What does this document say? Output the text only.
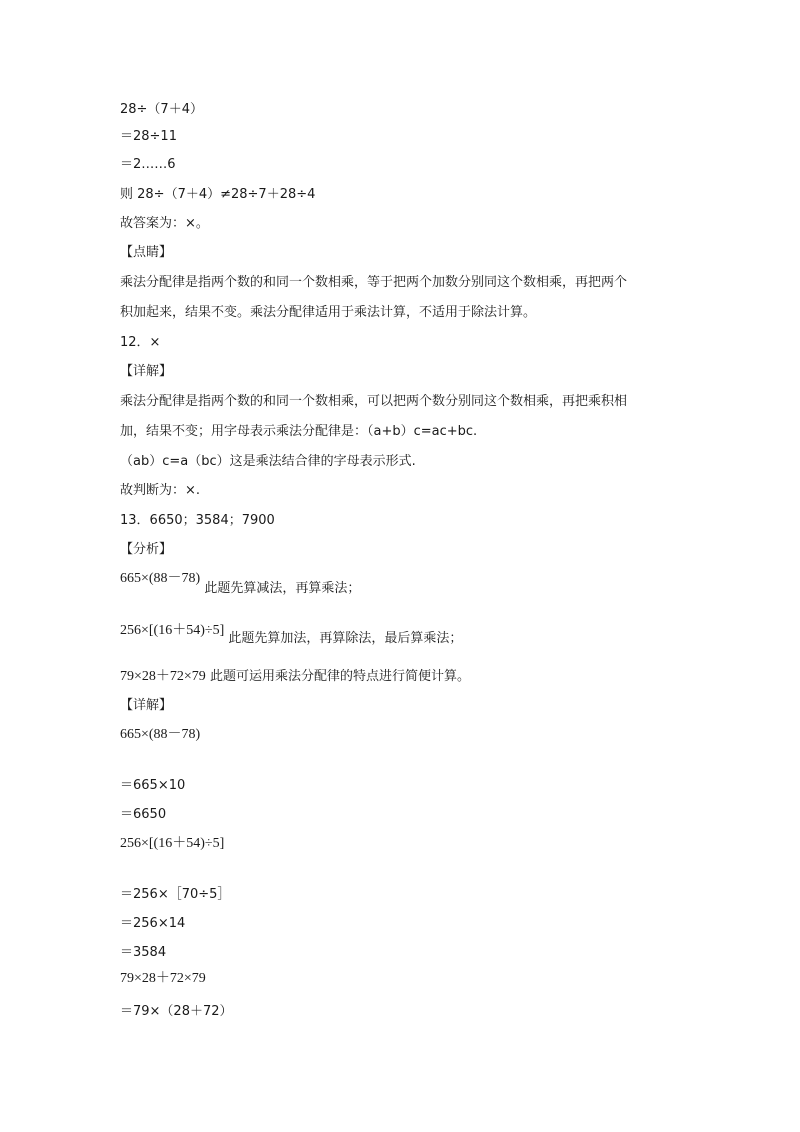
28÷（7＋4）
＝28÷11
＝2……6
则 28÷（7＋4）≠28÷7＋28÷4
故答案为：×。
【点睛】
乘法分配律是指两个数的和同一个数相乘，等于把两个加数分别同这个数相乘，再把两个
积加起来，结果不变。乘法分配律适用于乘法计算，不适用于除法计算。
12．×
【详解】
乘法分配律是指两个数的和同一个数相乘，可以把两个数分别同这个数相乘，再把乘积相
加，结果不变；用字母表示乘法分配律是：（a+b）c=ac+bc.
（ab）c=a（bc）这是乘法结合律的字母表示形式.
故判断为：×.
13．6650；3584；7900
【分析】
665×(88－78) 此题先算减法，再算乘法；
256×[(16＋54)÷5] 此题先算加法，再算除法，最后算乘法；
79×28＋72×79 此题可运用乘法分配律的特点进行简便计算。
【详解】
665×(88－78)
＝665×10
＝6650
256×[(16＋54)÷5]
＝256×［70÷5］
＝256×14
＝3584
79×28＋72×79
＝79×（28＋72）
